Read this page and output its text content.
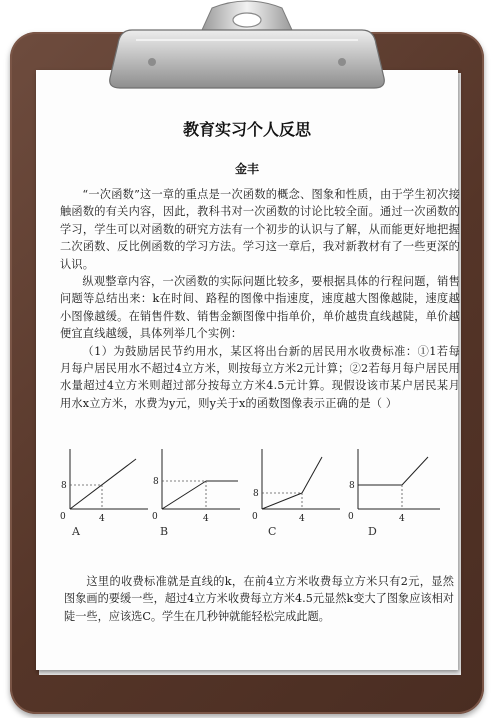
教育实习个人反思
金丰

“一次函数”这一章的重点是一次函数的概念、图象和性质，由于学生初次接触函数的有关内容，因此，教科书对一次函数的讨论比较全面。通过一次函数的学习，学生可以对函数的研究方法有一个初步的认识与了解，从而能更好地把握二次函数、反比例函数的学习方法。学习这一章后，我对新教材有了一些更深的认识。

纵观整章内容，一次函数的实际问题比较多，要根据具体的行程问题，销售问题等总结出来：k在时间、路程的图像中指速度，速度越大图像越陡，速度越小图像越缓。在销售件数、销售金额图像中指单价，单价越贵直线越陡，单价越便宜直线越缓，具体列举几个实例：

（1）为鼓励居民节约用水，某区将出台新的居民用水收费标准：①1若每月每户居民用水不超过4立方米，则按每立方米2元计算；②2若每月每户居民用水量超过4立方米则超过部分按每立方米4.5元计算。现假设该市某户居民某月用水x立方米，水费为y元，则y关于x的函数图像表示正确的是（ ）

8
4
0
8
4
0
8
4
0
8
4
0
A	B	C	D

这里的收费标准就是直线的k，在前4立方米收费每立方米只有2元，显然图象画的要缓一些，超过4立方米收费每立方米4.5元显然k变大了图象应该相对陡一些，应该选C。学生在几秒钟就能轻松完成此题。
